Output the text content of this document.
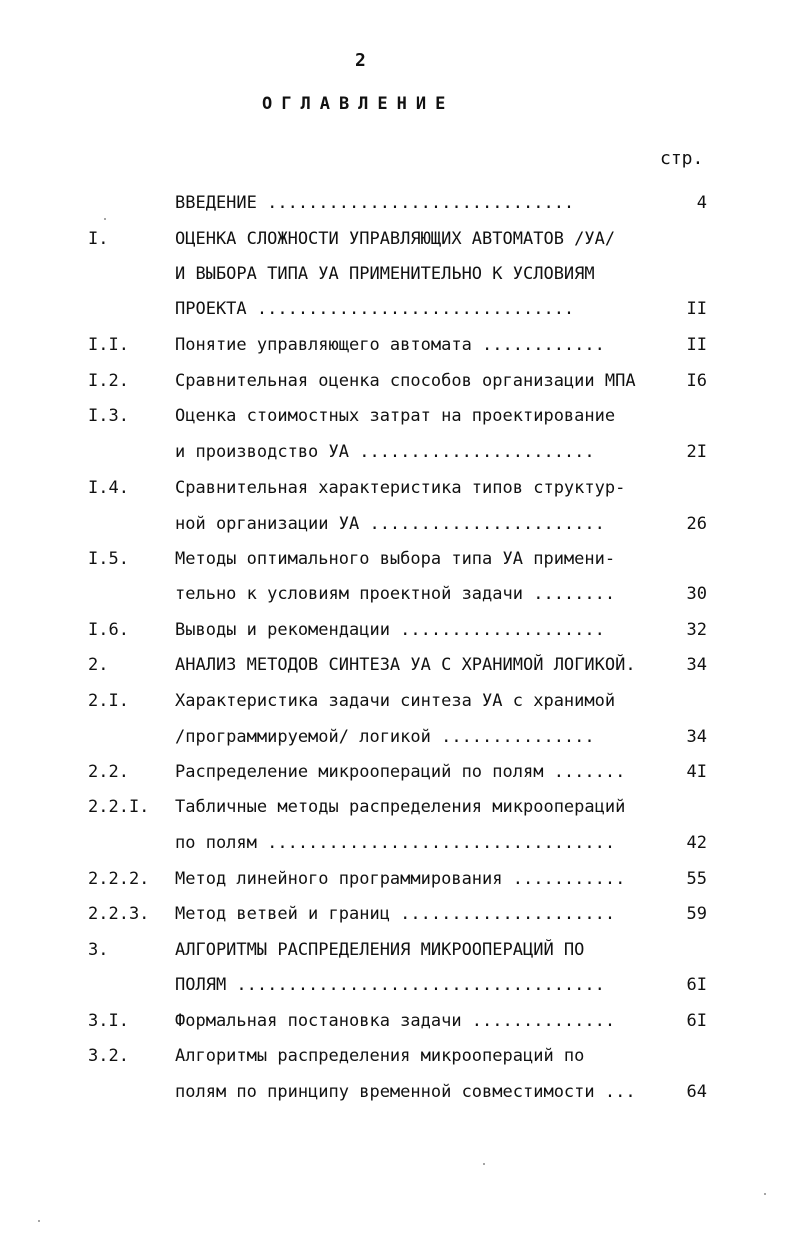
2
ОГЛАВЛЕНИЕ
стр.
ВВЕДЕНИЕ ..............................	4
I.	ОЦЕНКА СЛОЖНОСТИ УПРАВЛЯЮЩИХ АВТОМАТОВ /УА/
И ВЫБОРА ТИПА УА ПРИМЕНИТЕЛЬНО К УСЛОВИЯМ
ПРОЕКТА ...............................	II
I.I.	Понятие управляющего автомата ............	II
I.2.	Сравнительная оценка способов организации МПА	I6
I.3.	Оценка стоимостных затрат на проектирование
и производство УА .......................	2I
I.4.	Сравнительная характеристика типов структур-
ной организации УА .......................	26
I.5.	Методы оптимального выбора типа УА примени-
тельно к условиям проектной задачи ........	30
I.6.	Выводы и рекомендации ....................	32
2.	АНАЛИЗ МЕТОДОВ СИНТЕЗА УА С ХРАНИМОЙ ЛОГИКОЙ.	34
2.I.	Характеристика задачи синтеза УА с хранимой
/программируемой/ логикой ...............	34
2.2.	Распределение микроопераций по полям .......	4I
2.2.I. Табличные методы распределения микроопераций
по полям ..................................	42
2.2.2. Метод линейного программирования ...........	55
2.2.3. Метод ветвей и границ .....................	59
3.	АЛГОРИТМЫ РАСПРЕДЕЛЕНИЯ МИКРООПЕРАЦИЙ ПО
ПОЛЯМ ....................................	6I
3.I.	Формальная постановка задачи ..............	6I
3.2.	Алгоритмы распределения микроопераций по
полям по принципу временной совместимости ...	64
